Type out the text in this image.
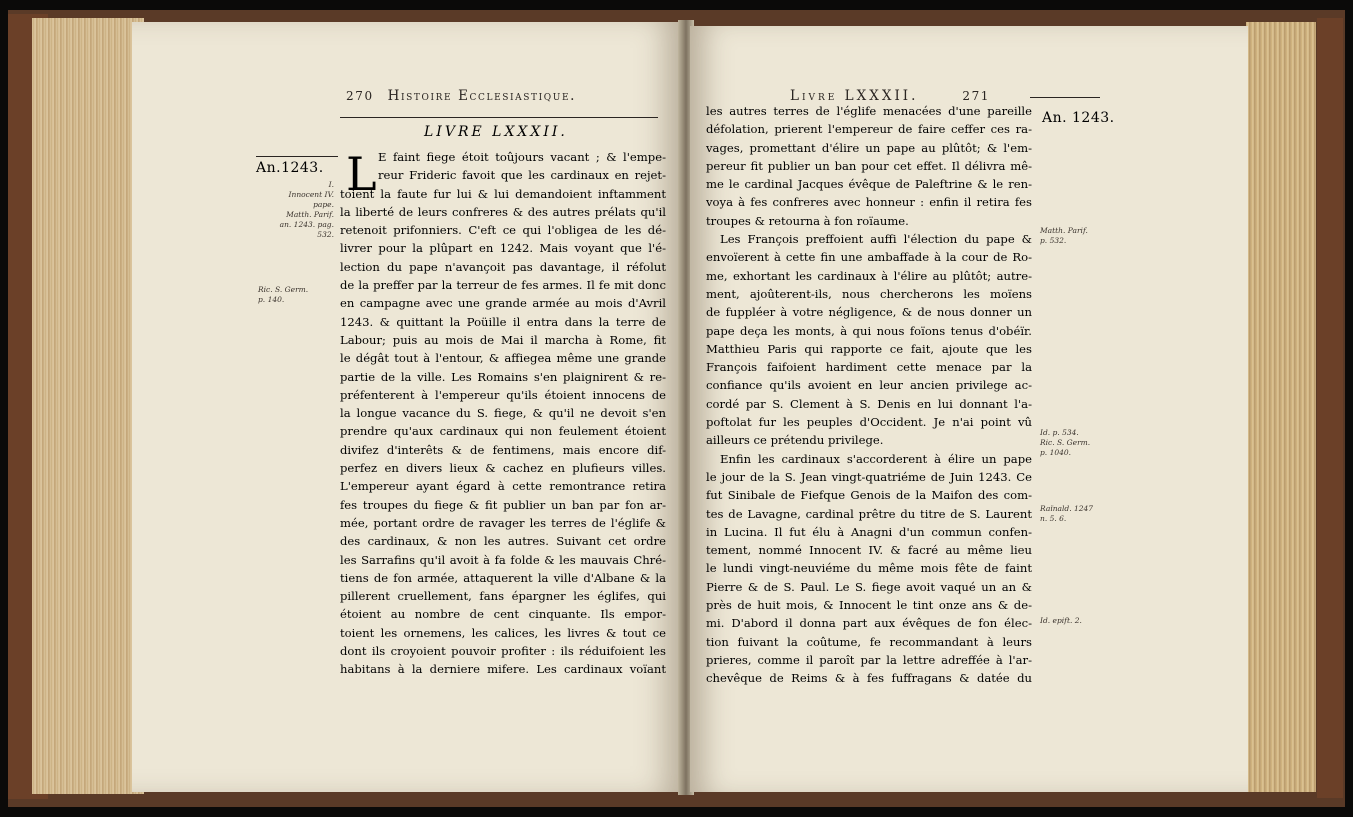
270 Histoire Ecclesiastique.
LIVRE LXXXII.
An.1243.
I.
Innocent IV.
pape.
Matth. Parif.
an. 1243. pag.
532.
Ric. S. Germ.
p. 140.
L E faint fiege étoit toûjours vacant ; & l'empe-
reur Frideric favoit que les cardinaux en rejet-
toient la faute fur lui & lui demandoient inftamment
la liberté de leurs confreres & des autres prélats qu'il
retenoit prifonniers. C'eft ce qui l'obligea de les dé-
livrer pour la plûpart en 1242. Mais voyant que l'é-
lection du pape n'avançoit pas davantage, il réfolut
de la preffer par la terreur de fes armes. Il fe mit donc
en campagne avec une grande armée au mois d'Avril
1243. & quittant la Poüille il entra dans la terre de
Labour; puis au mois de Mai il marcha à Rome, fit
le dégât tout à l'entour, & affiegea même une grande
partie de la ville. Les Romains s'en plaignirent & re-
préfenterent à l'empereur qu'ils étoient innocens de
la longue vacance du S. fiege, & qu'il ne devoit s'en
prendre qu'aux cardinaux qui non feulement étoient
divifez d'interêts & de fentimens, mais encore dif-
perfez en divers lieux & cachez en plufieurs villes.
L'empereur ayant égard à cette remontrance retira
fes troupes du fiege & fit publier un ban par fon ar-
mée, portant ordre de ravager les terres de l'églife &
des cardinaux, & non les autres. Suivant cet ordre
les Sarrafins qu'il avoit à fa folde & les mauvais Chré-
tiens de fon armée, attaquerent la ville d'Albane & la
pillerent cruellement, fans épargner les églifes, qui
étoient au nombre de cent cinquante. Ils empor-
toient les ornemens, les calices, les livres & tout ce
dont ils croyoient pouvoir profiter : ils réduifoient les
habitans à la derniere mifere. Les cardinaux voïant
Livre LXXXII.	271
An. 1243.
Matth. Parif.
p. 532.
Id. p. 534.
Ric. S. Germ.
p. 1040.
Raïnald. 1247
n. 5. 6.
Id. epift. 2.
les autres terres de l'églife menacées d'une pareille
défolation, prierent l'empereur de faire ceffer ces ra-
vages, promettant d'élire un pape au plûtôt; & l'em-
pereur fit publier un ban pour cet effet. Il délivra mê-
me le cardinal Jacques évêque de Paleftrine & le ren-
voya à fes confreres avec honneur : enfin il retira fes
troupes & retourna à fon roïaume.
Les François preffoient auffi l'élection du pape &
envoïerent à cette fin une ambaffade à la cour de Ro-
me, exhortant les cardinaux à l'élire au plûtôt; autre-
ment, ajoûterent-ils, nous chercherons les moïens
de fuppléer à votre négligence, & de nous donner un
pape deça les monts, à qui nous foïons tenus d'obéïr.
Matthieu Paris qui rapporte ce fait, ajoute que les
François faifoient hardiment cette menace par la
confiance qu'ils avoient en leur ancien privilege ac-
cordé par S. Clement à S. Denis en lui donnant l'a-
poftolat fur les peuples d'Occident. Je n'ai point vû
ailleurs ce prétendu privilege.
Enfin les cardinaux s'accorderent à élire un pape
le jour de la S. Jean vingt-quatriéme de Juin 1243. Ce
fut Sinibale de Fiefque Genois de la Maifon des com-
tes de Lavagne, cardinal prêtre du titre de S. Laurent
in Lucina. Il fut élu à Anagni d'un commun confen-
tement, nommé Innocent IV. & facré au même lieu
le lundi vingt-neuviéme du même mois fête de faint
Pierre & de S. Paul. Le S. fiege avoit vaqué un an &
près de huit mois, & Innocent le tint onze ans & de-
mi. D'abord il donna part aux évêques de fon élec-
tion fuivant la coûtume, fe recommandant à leurs
prieres, comme il paroît par la lettre adreffée à l'ar-
chevêque de Reims & à fes fuffragans & datée du
